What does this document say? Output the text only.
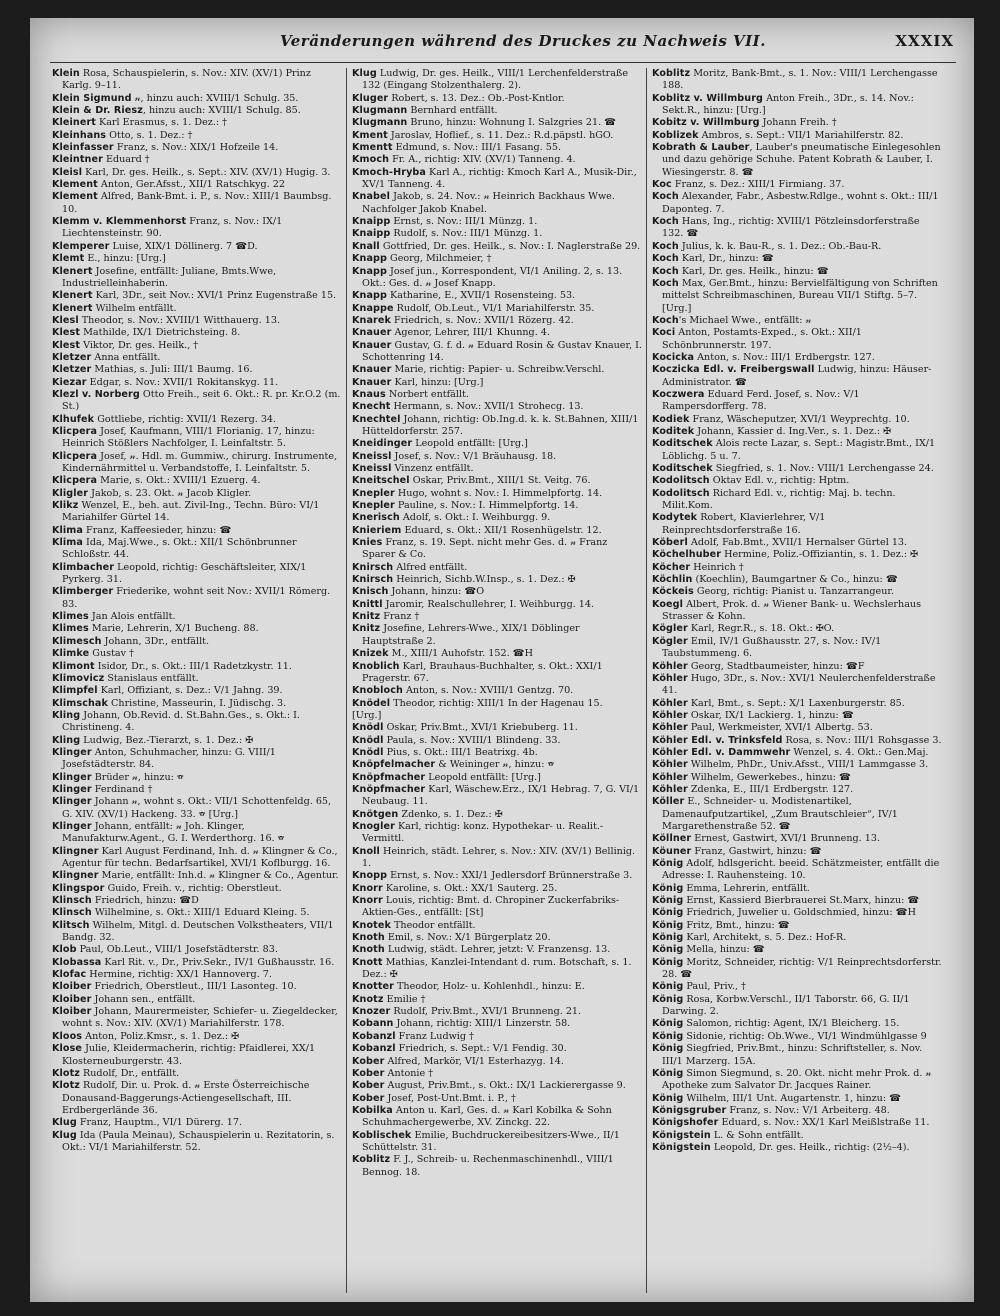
Veränderungen während des Druckes zu Nachweis VII.	XXXIX

Klein Rosa, Schauspielerin, s. Nov.: XIV. (XV/1) Prinz Karlg. 9–11.

Klein Sigmund 𝓃, hinzu auch: XVIII/1 Schulg. 35.

Klein & Dr. Riesz, hinzu auch: XVIII/1 Schulg. 85.

Kleinert Karl Erasmus, s. 1. Dez.: †

Kleinhans Otto, s. 1. Dez.: †

Kleinfasser Franz, s. Nov.: XIX/1 Hofzeile 14.

Kleintner Eduard †

Kleisl Karl, Dr. ges. Heilk., s. Sept.: XIV. (XV/1) Hugig. 3.

Klement Anton, Ger.Afsst., XII/1 Ratschkyg. 22

Klement Alfred, Bank-Bmt. i. P., s. Nov.: XIII/1 Baumbsg. 10.

Klemm v. Klemmenhorst Franz, s. Nov.: IX/1 Liechtensteinstr. 90.

Klemperer Luise, XIX/1 Döllinerg. 7 ☎D.

Klemt E., hinzu: [Urg.]

Klenert Josefine, entfällt: Juliane, Bmts.Wwe, Industrielleinhaberin.

Klenert Karl, 3Dr., seit Nov.: XVI/1 Prinz Eugenstraße 15.

Klenert Wilhelm entfällt.

Klesl Theodor, s. Nov.: XVIII/1 Witthauerg. 13.

Klest Mathilde, IX/1 Dietrichsteing. 8.

Klest Viktor, Dr. ges. Heilk., †

Kletzer Anna entfällt.

Kletzer Mathias, s. Juli: III/1 Baumg. 16.

Kiezar Edgar, s. Nov.: XVII/1 Rokitanskyg. 11.

Klezl v. Norberg Otto Freih., seit 6. Okt.: R. pr. Kr.O.2 (m. St.)

Klhufek Gottliebe, richtig: XVII/1 Rezerg. 34.

Klicpera Josef, Kaufmann, VIII/1 Florianig. 17, hinzu: Heinrich Stößlers Nachfolger, I. Leinfaltstr. 5.

Klicpera Josef, 𝓃. Hdl. m. Gummiw., chirurg. Instrumente, Kindernährmittel u. Verbandstoffe, I. Leinfaltstr. 5.

Klicpera Marie, s. Okt.: XVIII/1 Ezuerg. 4.

Kligler Jakob, s. 23. Okt. 𝓃 Jacob Kligler.

Klikz Wenzel, E., beh. aut. Zivil-Ing., Techn. Büro: VI/1 Mariahilfer Gürtel 14.

Klima Franz, Kaffeesieder, hinzu: ☎

Klima Ida, Maj.Wwe., s. Okt.: XII/1 Schönbrunner Schloßstr. 44.

Klimbacher Leopold, richtig: Geschäftsleiter, XIX/1 Pyrkerg. 31.

Klimberger Friederike, wohnt seit Nov.: XVII/1 Römerg. 83.

Klimes Jan Alois entfällt.

Klimes Marie, Lehrerin, X/1 Bucheng. 88.

Klimesch Johann, 3Dr., entfällt.

Klimke Gustav †

Klimont Isidor, Dr., s. Okt.: III/1 Radetzkystr. 11.

Klimovicz Stanislaus entfällt.

Klimpfel Karl, Offiziant, s. Dez.: V/1 Jahng. 39.

Klimschak Christine, Masseurin, I. Jüdischg. 3.

Kling Johann, Ob.Revid. d. St.Bahn.Ges., s. Okt.: I. Christineng. 4.

Kling Ludwig, Bez.-Tierarzt, s. 1. Dez.: ✠

Klinger Anton, Schuhmacher, hinzu: G. VIII/1 Josefstädterstr. 84.

Klinger Brüder 𝓃, hinzu: ☎

Klinger Ferdinand †

Klinger Johann 𝓃, wohnt s. Okt.: VII/1 Schottenfeldg. 65, G. XIV. (XV/1) Hackeng. 33. ☎ [Urg.]

Klinger Johann, entfällt: 𝓃 Joh. Klinger, Manufakturw.Agent., G. I. Werderthorg. 16. ☎

Klingner Karl August Ferdinand, Inh. d. 𝓃 Klingner & Co., Agentur für techn. Bedarfsartikel, XVI/1 Koflburgg. 16.

Klingner Marie, entfällt: Inh.d. 𝓃 Klingner & Co., Agentur.

Klingspor Guido, Freih. v., richtig: Oberstleut.

Klinsch Friedrich, hinzu: ☎D

Klinsch Wilhelmine, s. Okt.: XIII/1 Eduard Kleing. 5.

Klitsch Wilhelm, Mitgl. d. Deutschen Volkstheaters, VII/1 Bandg. 32.

Klob Paul, Ob.Leut., VIII/1 Josefstädterstr. 83.

Klobassa Karl Rit. v., Dr., Priv.Sekr., IV/1 Gußhausstr. 16.

Klofac Hermine, richtig: XX/1 Hannoverg. 7.

Kloiber Friedrich, Oberstleut., III/1 Lasonteg. 10.

Kloiber Johann sen., entfällt.

Kloiber Johann, Maurermeister, Schiefer- u. Ziegeldecker, wohnt s. Nov.: XIV. (XV/1) Mariahilferstr. 178.

Kloos Anton, Poliz.Kmsr., s. 1. Dez.: ✠

Klose Julie, Kleidermacherin, richtig: Pfaidlerei, XX/1 Klosterneuburgerstr. 43.

Klotz Rudolf, Dr., entfällt.

Klotz Rudolf, Dir. u. Prok. d. 𝓃 Erste Österreichische Donausand-Baggerungs-Actiengesellschaft, III. Erdbergerlände 36.

Klug Franz, Hauptm., VI/1 Dürerg. 17.

Klug Ida (Paula Meinau), Schauspielerin u. Rezitatorin, s. Okt.: VI/1 Mariahilferstr. 52.

Klug Ludwig, Dr. ges. Heilk., VIII/1 Lerchenfelderstraße 132 (Eingang Stolzenthalerg. 2).

Kluger Robert, s. 13. Dez.: Ob.-Post-Kntlor.

Klugmann Bernhard entfällt.

Klugmann Bruno, hinzu: Wohnung I. Salzgries 21. ☎

Kment Jaroslav, Hoflief., s. 11. Dez.: R.d.päpstl. hGO.

Kmentt Edmund, s. Nov.: III/1 Fasang. 55.

Kmoch Fr. A., richtig: XIV. (XV/1) Tanneng. 4.

Kmoch-Hryba Karl A., richtig: Kmoch Karl A., Musik-Dir., XV/1 Tanneng. 4.

Knabel Jakob, s. 24. Nov.: 𝓃 Heinrich Backhaus Wwe. Nachfolger Jakob Knabel.

Knaipp Ernst, s. Nov.: III/1 Münzg. 1.

Knaipp Rudolf, s. Nov.: III/1 Münzg. 1.

Knall Gottfried, Dr. ges. Heilk., s. Nov.: I. Naglerstraße 29.

Knapp Georg, Milchmeier, †

Knapp Josef jun., Korrespondent, VI/1 Aniling. 2, s. 13. Okt.: Ges. d. 𝓃 Josef Knapp.

Knapp Katharine, E., XVII/1 Rosensteing. 53.

Knappe Rudolf, Ob.Leut., VI/1 Mariahilferstr. 35.

Knarek Friedrich, s. Nov.: XVII/1 Rözerg. 42.

Knauer Agenor, Lehrer, III/1 Khunng. 4.

Knauer Gustav, G. f. d. 𝓃 Eduard Rosin & Gustav Knauer, I. Schottenring 14.

Knauer Marie, richtig: Papier- u. Schreibw.Verschl.

Knauer Karl, hinzu: [Urg.]

Knaus Norbert entfällt.

Knecht Hermann, s. Nov.: XVII/1 Strohecg. 13.

Knechtel Johann, richtig: Ob.Ing.d. k. k. St.Bahnen, XIII/1 Hütteldorferstr. 257.

Kneidinger Leopold entfällt: [Urg.]

Kneissl Josef, s. Nov.: V/1 Bräuhausg. 18.

Kneissl Vinzenz entfällt.

Kneitschel Oskar, Priv.Bmt., XIII/1 St. Veitg. 76.

Knepler Hugo, wohnt s. Nov.: I. Himmelpfortg. 14.

Knepler Pauline, s. Nov.: I. Himmelpfortg. 14.

Knerisch Adolf, s. Okt.: I. Weihburgg. 9.

Knieriem Eduard, s. Okt.: XII/1 Rosenhügelstr. 12.

Knies Franz, s. 19. Sept. nicht mehr Ges. d. 𝓃 Franz Sparer & Co.

Knirsch Alfred entfällt.

Knirsch Heinrich, Sichb.W.Insp., s. 1. Dez.: ✠

Knisch Johann, hinzu: ☎O

Knittl Jaromir, Realschullehrer, I. Weihburgg. 14.

Knitz Franz †

Knitz Josefine, Lehrers-Wwe., XIX/1 Döblinger Hauptstraße 2.

Knizek M., XIII/1 Auhofstr. 152. ☎H

Knoblich Karl, Brauhaus-Buchhalter, s. Okt.: XXI/1 Pragerstr. 67.

Knobloch Anton, s. Nov.: XVIII/1 Gentzg. 70.

Knödel Theodor, richtig: XIII/1 In der Hagenau 15.

[Urg.]

Knödl Oskar, Priv.Bmt., XVI/1 Kriebuberg. 11.

Knödl Paula, s. Nov.: XVIII/1 Blindeng. 33.

Knödl Pius, s. Okt.: III/1 Beatrixg. 4b.

Knöpfelmacher & Weininger 𝓃, hinzu: ☎

Knöpfmacher Leopold entfällt: [Urg.]

Knöpfmacher Karl, Wäschew.Erz., IX/1 Hebrag. 7, G. VI/1 Neubaug. 11.

Knötgen Zdenko, s. 1. Dez.: ✠

Knogler Karl, richtig: konz. Hypothekar- u. Realit.-Vermittl.

Knoll Heinrich, städt. Lehrer, s. Nov.: XIV. (XV/1) Bellinig. 1.

Knopp Ernst, s. Nov.: XXI/1 Jedlersdorf Brünnerstraße 3.

Knorr Karoline, s. Okt.: XX/1 Sauterg. 25.

Knorr Louis, richtig: Bmt. d. Chropiner Zuckerfabriks-Aktien-Ges., entfällt: [St]

Knotek Theodor entfällt.

Knoth Emil, s. Nov.: X/1 Bürgerplatz 20.

Knoth Ludwig, städt. Lehrer, jetzt: V. Franzensg. 13.

Knott Mathias, Kanzlei-Intendant d. rum. Botschaft, s. 1. Dez.: ✠

Knotter Theodor, Holz- u. Kohlenhdl., hinzu: E.

Knotz Emilie †

Knozer Rudolf, Priv.Bmt., XVI/1 Brunneng. 21.

Kobann Johann, richtig: XIII/1 Linzerstr. 58.

Kobanzl Franz Ludwig †

Kobanzl Friedrich, s. Sept.: V/1 Fendig. 30.

Kober Alfred, Markör, VI/1 Esterhazyg. 14.

Kober Antonie †

Kober August, Priv.Bmt., s. Okt.: IX/1 Lackierergasse 9.

Kober Josef, Post-Unt.Bmt. i. P., †

Kobilka Anton u. Karl, Ges. d. 𝓃 Karl Kobilka & Sohn Schuhmachergewerbe, XV. Zinckg. 22.

Koblischek Emilie, Buchdruckereibesitzers-Wwe., II/1 Schüttelstr. 31.

Koblitz F. J., Schreib- u. Rechenmaschinenhdl., VIII/1 Bennog. 18.

Koblitz Moritz, Bank-Bmt., s. 1. Nov.: VIII/1 Lerchengasse 188.

Koblitz v. Willmburg Anton Freih., 3Dr., s. 14. Nov.: Sekt.R., hinzu: [Urg.]

Kobitz v. Willmburg Johann Freih. †

Koblizek Ambros, s. Sept.: VII/1 Mariahilferstr. 82.

Kobrath & Lauber, Lauber's pneumatische Einlegesohlen und dazu gehörige Schuhe. Patent Kobrath & Lauber, I. Wiesingerstr. 8. ☎

Koc Franz, s. Dez.: XIII/1 Firmiang. 37.

Koch Alexander, Fabr., Asbestw.Rdlge., wohnt s. Okt.: III/1 Daponteg. 7.

Koch Hans, Ing., richtig: XVIII/1 Pötzleinsdorferstraße 132. ☎

Koch Julius, k. k. Bau-R., s. 1. Dez.: Ob.-Bau-R.

Koch Karl, Dr., hinzu: ☎

Koch Karl, Dr. ges. Heilk., hinzu: ☎

Koch Max, Ger.Bmt., hinzu: Bervielfältigung von Schriften mittelst Schreibmaschinen, Bureau VII/1 Stiftg. 5–7. [Urg.]

Koch's Michael Wwe., entfällt: 𝓃

Koci Anton, Postamts-Exped., s. Okt.: XII/1 Schönbrunnerstr. 197.

Kocicka Anton, s. Nov.: III/1 Erdbergstr. 127.

Koczicka Edl. v. Freibergswall Ludwig, hinzu: Häuser-Administrator. ☎

Koczwera Eduard Ferd. Josef, s. Nov.: V/1 Rampersdorfferg. 78.

Kodiek Franz, Wäscheputzer, XVI/1 Weyprechtg. 10.

Koditek Johann, Kassier d. Ing.Ver., s. 1. Dez.: ✠

Koditschek Alois recte Lazar, s. Sept.: Magistr.Bmt., IX/1 Löblichg. 5 u. 7.

Koditschek Siegfried, s. 1. Nov.: VIII/1 Lerchengasse 24.

Kodolitsch Oktav Edl. v., richtig: Hptm.

Kodolitsch Richard Edl. v., richtig: Maj. b. techn. Milit.Kom.

Kodytek Robert, Klavierlehrer, V/1 Reinprechtsdorferstraße 16.

Köberl Adolf, Fab.Bmt., XVII/1 Hernalser Gürtel 13.

Köchelhuber Hermine, Poliz.-Offiziantin, s. 1. Dez.: ✠

Köcher Heinrich †

Köchlin (Koechlin), Baumgartner & Co., hinzu: ☎

Köckeis Georg, richtig: Pianist u. Tanzarrangeur.

Koegl Albert, Prok. d. 𝓃 Wiener Bank- u. Wechslerhaus Strasser & Kohn.

Kögler Karl, Regr.R., s. 18. Okt.: ✠O.

Kögler Emil, IV/1 Gußhausstr. 27, s. Nov.: IV/1 Taubstummeng. 6.

Köhler Georg, Stadtbaumeister, hinzu: ☎F

Köhler Hugo, 3Dr., s. Nov.: XVI/1 Neulerchenfelderstraße 41.

Köhler Karl, Bmt., s. Sept.: X/1 Laxenburgerstr. 85.

Köhler Oskar, IX/1 Lackierg. 1, hinzu: ☎

Köhler Paul, Werkmeister, XVI/1 Albertg. 53.

Köhler Edl. v. Trinksfeld Rosa, s. Nov.: III/1 Rohsgasse 3.

Köhler Edl. v. Dammwehr Wenzel, s. 4. Okt.: Gen.Maj.

Köhler Wilhelm, PhDr., Univ.Afsst., VIII/1 Lammgasse 3.

Köhler Wilhelm, Gewerkebes., hinzu: ☎

Köhler Zdenka, E., III/1 Erdbergstr. 127.

Köller E., Schneider- u. Modistenartikel, Damenaufputzartikel, „Zum Brautschleier“, IV/1 Margarethenstraße 52. ☎

Köllner Ernest, Gastwirt, XVI/1 Brunneng. 13.

Köuner Franz, Gastwirt, hinzu: ☎

König Adolf, hdlsgericht. beeid. Schätzmeister, entfällt die Adresse: I. Rauhensteing. 10.

König Emma, Lehrerin, entfällt.

König Ernst, Kassierd Bierbrauerei St.Marx, hinzu: ☎

König Friedrich, Juwelier u. Goldschmied, hinzu: ☎H

König Fritz, Bmt., hinzu: ☎

König Karl, Architekt, s. 5. Dez.: Hof-R.

König Mella, hinzu: ☎

König Moritz, Schneider, richtig: V/1 Reinprechtsdorferstr. 28. ☎

König Paul, Priv., †

König Rosa, Korbw.Verschl., II/1 Taborstr. 66, G. II/1 Darwing. 2.

König Salomon, richtig: Agent, IX/1 Bleicherg. 15.

König Sidonie, richtig: Ob.Wwe., VI/1 Windmühlgasse 9

König Siegfried, Priv.Bmt., hinzu: Schriftsteller, s. Nov. III/1 Marzerg. 15A.

König Simon Siegmund, s. 20. Okt. nicht mehr Prok. d. 𝓃 Apotheke zum Salvator Dr. Jacques Rainer.

König Wilhelm, III/1 Unt. Augartenstr. 1, hinzu: ☎

Königsgruber Franz, s. Nov.: V/1 Arbeiterg. 48.

Königshofer Eduard, s. Nov.: XX/1 Karl Meißlstraße 11.

Königstein L. & Sohn entfällt.

Königstein Leopold, Dr. ges. Heilk., richtig: (2½–4).
